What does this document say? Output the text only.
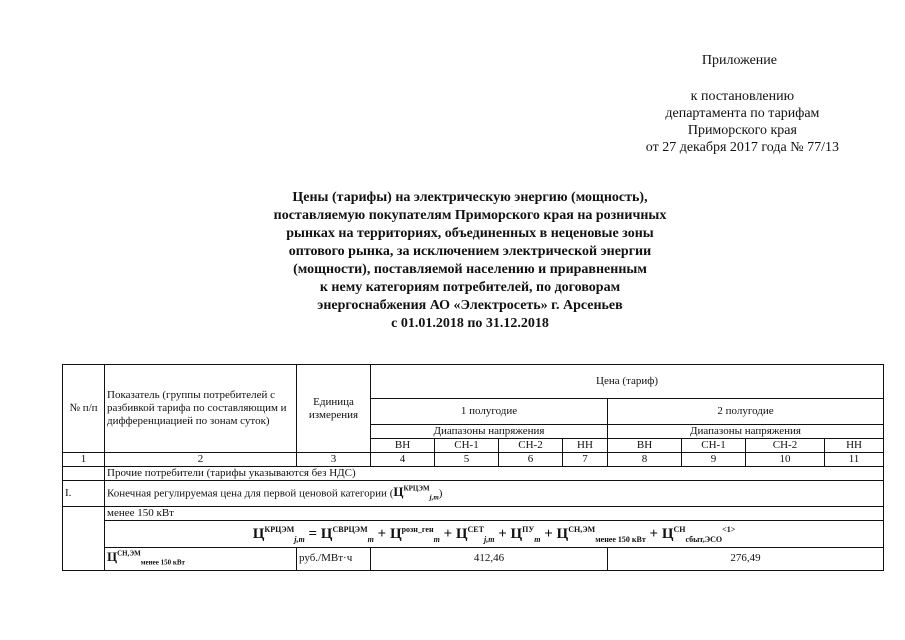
Приложение
к постановлению
департамента по тарифам
Приморского края
от 27 декабря 2017 года № 77/13
Цены (тарифы) на электрическую энергию (мощность),
поставляемую покупателям Приморского края на розничных
рынках на территориях, объединенных в неценовые зоны
оптового рынка, за исключением электрической энергии
(мощности), поставляемой населению и приравненным
к нему категориям потребителей, по договорам
энергоснабжения АО «Электросеть» г. Арсеньев
с 01.01.2018 по 31.12.2018
№ п/п	Показатель (группы потребителей с разбивкой тарифа по составляющим и дифференциацией по зонам суток)	Единица измерения	Цена (тариф)							
			1 полугодие				2 полугодие			
			Диапазоны напряжения				Диапазоны напряжения			
			ВН	СН-1	СН-2	НН	ВН	СН-1	СН-2	НН
1	2	3	4	5	6	7	8	9	10	11
	Прочие потребители (тарифы указываются без НДС)									
I.	Конечная регулируемая цена для первой ценовой категории $(Ц^{КРЦЭМ}_{j,m})$									
	менее 150 кВт									
	$Ц^{КРЦЭМ}_{j,m} = Ц^{СВРЦЭМ}_m + Ц^{розн\_ген}_m + Ц^{СЕТ}_{j,m} + Ц^{ПУ}_m + Ц^{СН,ЭМ}_{менее 150 кВт} + Ц^{СН}_{сбыт,ЭСО}^{<1>}$
	$Ц^{СН,ЭМ}_{менее 150 кВт}$	руб./МВт·ч	412,46				276,49			
